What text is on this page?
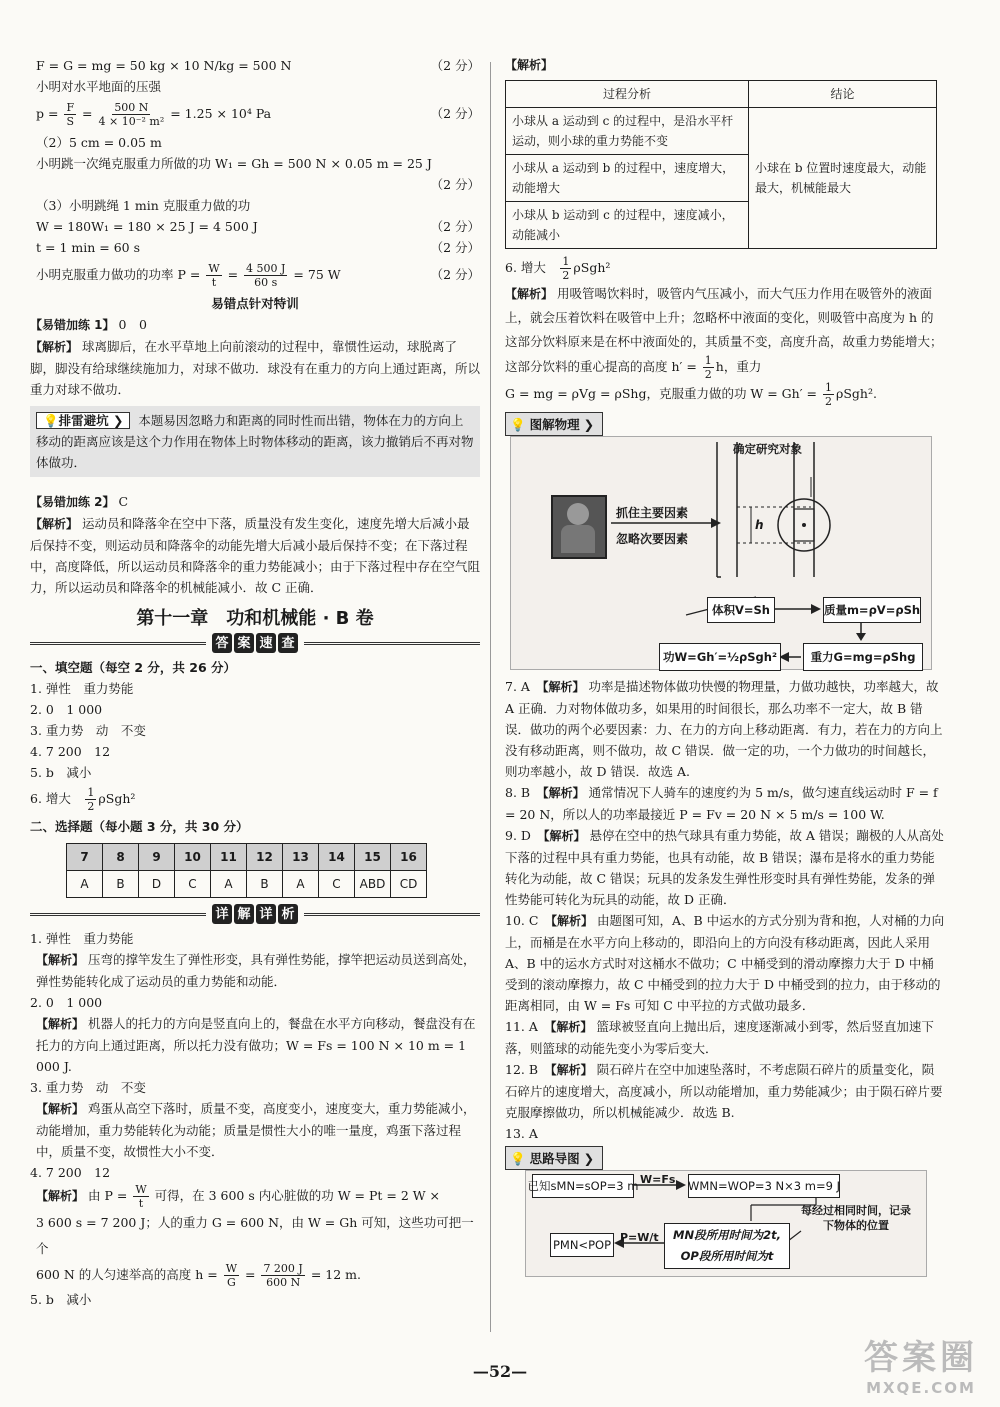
F = G = mg = 50 kg × 10 N/kg = 500 N	（2 分）
小明对水平地面的压强
$p = \frac{F}{S} = \frac{500 N}{\text{4 × 10⁻² m²}} = 1.25 \times 10^4$ Pa	（2 分）
（2）5 cm = 0.05 m
小明跳一次绳克服重力所做的功 W₁ = Gh = 500 N × 0.05 m = 25 J
（2 分）
（3）小明跳绳 1 min 克服重力做的功
W = 180W₁ = 180 × 25 J = 4 500 J	（2 分）
t = 1 min = 60 s	（2 分）
小明克服重力做功的功率 $P = \frac{W}{t} = \frac{4 500 J}{60 s} = 75$ W	（2 分）
易错点针对特训
【易错加练 1】 0　0
【解析】 球离脚后，在水平草地上向前滚动的过程中，靠惯性运动，球脱离了脚，脚没有给球继续施加力，对球不做功．球没有在重力的方向上通过距离，所以重力对球不做功．
💡排雷避坑 ❯ 本题易因忽略力和距离的同时性而出错，物体在力的方向上移动的距离应该是这个力作用在物体上时物体移动的距离，该力撤销后不再对物体做功．
【易错加练 2】 C
【解析】 运动员和降落伞在空中下落，质量没有发生变化，速度先增大后减小最后保持不变，则运动员和降落伞的动能先增大后减小最后保持不变；在下落过程中，高度降低，所以运动员和降落伞的重力势能减小；由于下落过程中存在空气阻力，所以运动员和降落伞的机械能减小．故 C 正确．
第十一章　功和机械能 · B 卷
答 案 速 查
一、填空题（每空 2 分，共 26 分）
1. 弹性　重力势能
2. 0　1 000
3. 重力势　动　不变
4. 7 200　12
5. b　减小
6. 增大　 $\frac{1}{2} \rho Sgh^2$
二、选择题（每小题 3 分，共 30 分）
7	8	9	10	11	12	13	14	15	16
A	B	D	C	A	B	A	C	ABD	CD
详 解 详 析
1. 弹性　重力势能
【解析】 压弯的撑竿发生了弹性形变，具有弹性势能，撑竿把运动员送到高处，弹性势能转化成了运动员的重力势能和动能．
2. 0　1 000
【解析】 机器人的托力的方向是竖直向上的，餐盘在水平方向移动，餐盘没有在托力的方向上通过距离，所以托力没有做功；W = Fs = 100 N × 10 m = 1 000 J.
3. 重力势　动　不变
【解析】 鸡蛋从高空下落时，质量不变，高度变小，速度变大，重力势能减小，动能增加，重力势能转化为动能；质量是惯性大小的唯一量度，鸡蛋下落过程中，质量不变，故惯性大小不变．
4. 7 200　12
【解析】 由 $P = \frac{W}{t}$ 可得，在 3 600 s 内心脏做的功 W = Pt = 2 W ×
3 600 s = 7 200 J；人的重力 G = 600 N，由 W = Gh 可知，这些功可把一个
600 N 的人匀速举高的高度 $h = \frac{W}{G} = \frac{7 200 J}{600 N} = 12$ m.
5. b　减小
【解析】
过程分析	结论
小球从 a 运动到 c 的过程中，是沿水平杆运动，则小球的重力势能不变	小球在 b 位置时速度最大，动能最大，机械能最大
小球从 a 运动到 b 的过程中，速度增大，动能增大	
小球从 b 运动到 c 的过程中，速度减小，动能减小	
6. 增大　 $\frac{1}{2} \rho Sgh^2$
【解析】 用吸管喝饮料时，吸管内气压减小，而大气压力作用在吸管外的液面上，就会压着饮料在吸管中上升；忽略杯中液面的变化，则吸管中高度为 h 的这部分饮料原来是在杯中液面处的，其质量不变，高度升高，故重力势能增大；这部分饮料的重心提高的高度 $h' = \frac{1}{2}$ h，重力
G = mg = ρVg = ρShg，克服重力做的功 $W = Gh' = \frac{1}{2} \rho Sgh^2$.
💡 图解物理 ❯
抓住主要因素
忽略次要因素
确定研究对象
h
体积V=Sh	质量m=ρV=ρSh
功W=Gh′=½ρSgh²	重力G=mg=ρShg
7. A　 【解析】 功率是描述物体做功快慢的物理量，力做功越快，功率越大，故 A 正确．力对物体做功多，如果用的时间很长，那么功率不一定大，故 B 错误．做功的两个必要因素：力、在力的方向上移动距离．有力，若在力的方向上没有移动距离，则不做功，故 C 错误．做一定的功，一个力做功的时间越长，则功率越小，故 D 错误．故选 A.
8. B　 【解析】 通常情况下人骑车的速度约为 5 m/s，做匀速直线运动时 F = f = 20 N，所以人的功率最接近 P = Fv = 20 N × 5 m/s = 100 W.
9. D　 【解析】 悬停在空中的热气球具有重力势能，故 A 错误；蹦极的人从高处下落的过程中具有重力势能，也具有动能，故 B 错误；瀑布是将水的重力势能转化为动能，故 C 错误；玩具的发条发生弹性形变时具有弹性势能，发条的弹性势能可转化为玩具的动能，故 D 正确．
10. C　 【解析】 由题图可知，A、B 中运水的方式分别为背和抱，人对桶的力向上，而桶是在水平方向上移动的，即沿向上的方向没有移动距离，因此人采用 A、B 中的运水方式时对这桶水不做功；C 中桶受到的滑动摩擦力大于 D 中桶受到的滚动摩擦力，故 C 中桶受到的拉力大于 D 中桶受到的拉力，由于移动的距离相同，由 W = Fs 可知 C 中平拉的方式做功最多．
11. A　 【解析】 篮球被竖直向上抛出后，速度逐渐减小到零，然后竖直加速下落，则篮球的动能先变小为零后变大．
12. B　 【解析】 陨石碎片在空中加速坠落时，不考虑陨石碎片的质量变化，陨石碎片的速度增大，高度减小，所以动能增加，重力势能减少；由于陨石碎片要克服摩擦做功，所以机械能减少．故选 B.
13. A
💡 思路导图 ❯
已知sMN=sOP=3 m W=Fs WMN=WOP=3 N×3 m=9 J
每经过相同时间，记录下物体的位置
MN段所用时间为2t,
OP段所用时间为t
P=W/t
PMN<POP
—52—	答案圈
MXQE.COM
